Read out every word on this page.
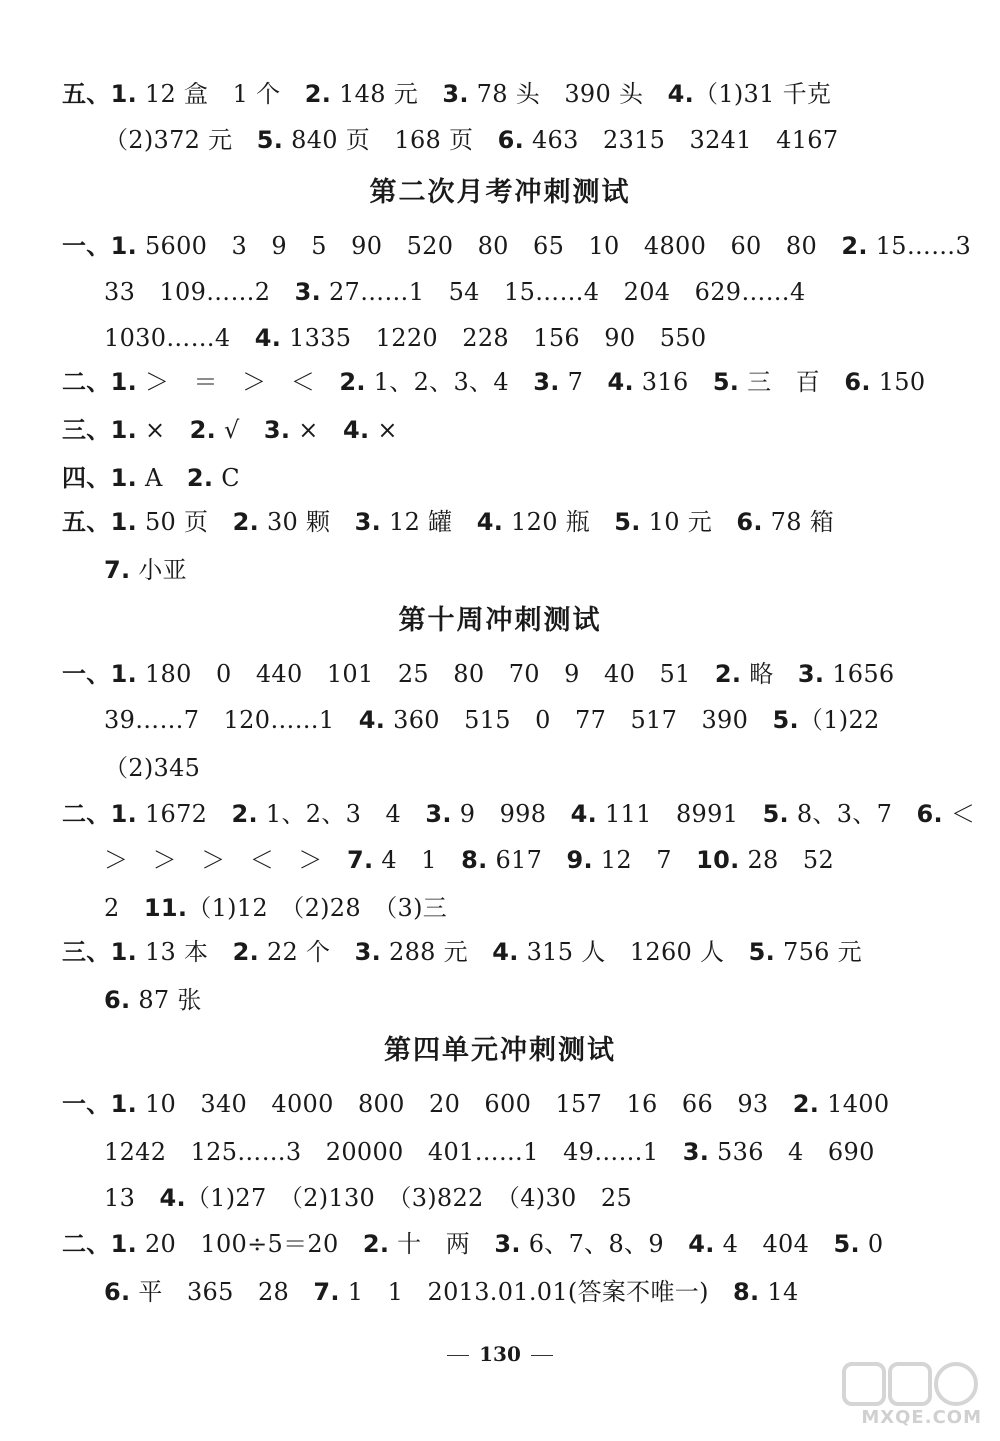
五、1. 12 盒　1 个　2. 148 元　3. 78 头　390 头　4.（1)31 千克
（2)372 元　5. 840 页　168 页　6. 463　2315　3241　4167
第二次月考冲刺测试
一、1. 5600　3　9　5　90　520　80　65　10　4800　60　80　2. 15……3
33　109……2　3. 27……1　54　15……4　204　629……4
1030……4　4. 1335　1220　228　156　90　550
二、1. ＞　＝　＞　＜　2. 1、2、3、4　3. 7　4. 316　5. 三　百　6. 150
三、1. ×　2. √　3. ×　4. ×
四、1. A　2. C
五、1. 50 页　2. 30 颗　3. 12 罐　4. 120 瓶　5. 10 元　6. 78 箱
7. 小亚
第十周冲刺测试
一、1. 180　0　440　101　25　80　70　9　40　51　2. 略　3. 1656
39……7　120……1　4. 360　515　0　77　517　390　5.（1)22
（2)345
二、1. 1672　2. 1、2、3　4　3. 9　998　4. 111　8991　5. 8、3、7　6. ＜
＞　＞　＞　＜　＞　7. 4　1　8. 617　9. 12　7　10. 28　52
2　11.（1)12　（2)28　（3)三
三、1. 13 本　2. 22 个　3. 288 元　4. 315 人　1260 人　5. 756 元
6. 87 张
第四单元冲刺测试
一、1. 10　340　4000　800　20　600　157　16　66　93　2. 1400
1242　125……3　20000　401……1　49……1　3. 536　4　690
13　4.（1)27　（2)130　（3)822　（4)30　25
二、1. 20　100÷5＝20　2. 十　两　3. 6、7、8、9　4. 4　404　5. 0
6. 平　365　28　7. 1　1　2013.01.01(答案不唯一)　8. 14
130
MXQE.COM
